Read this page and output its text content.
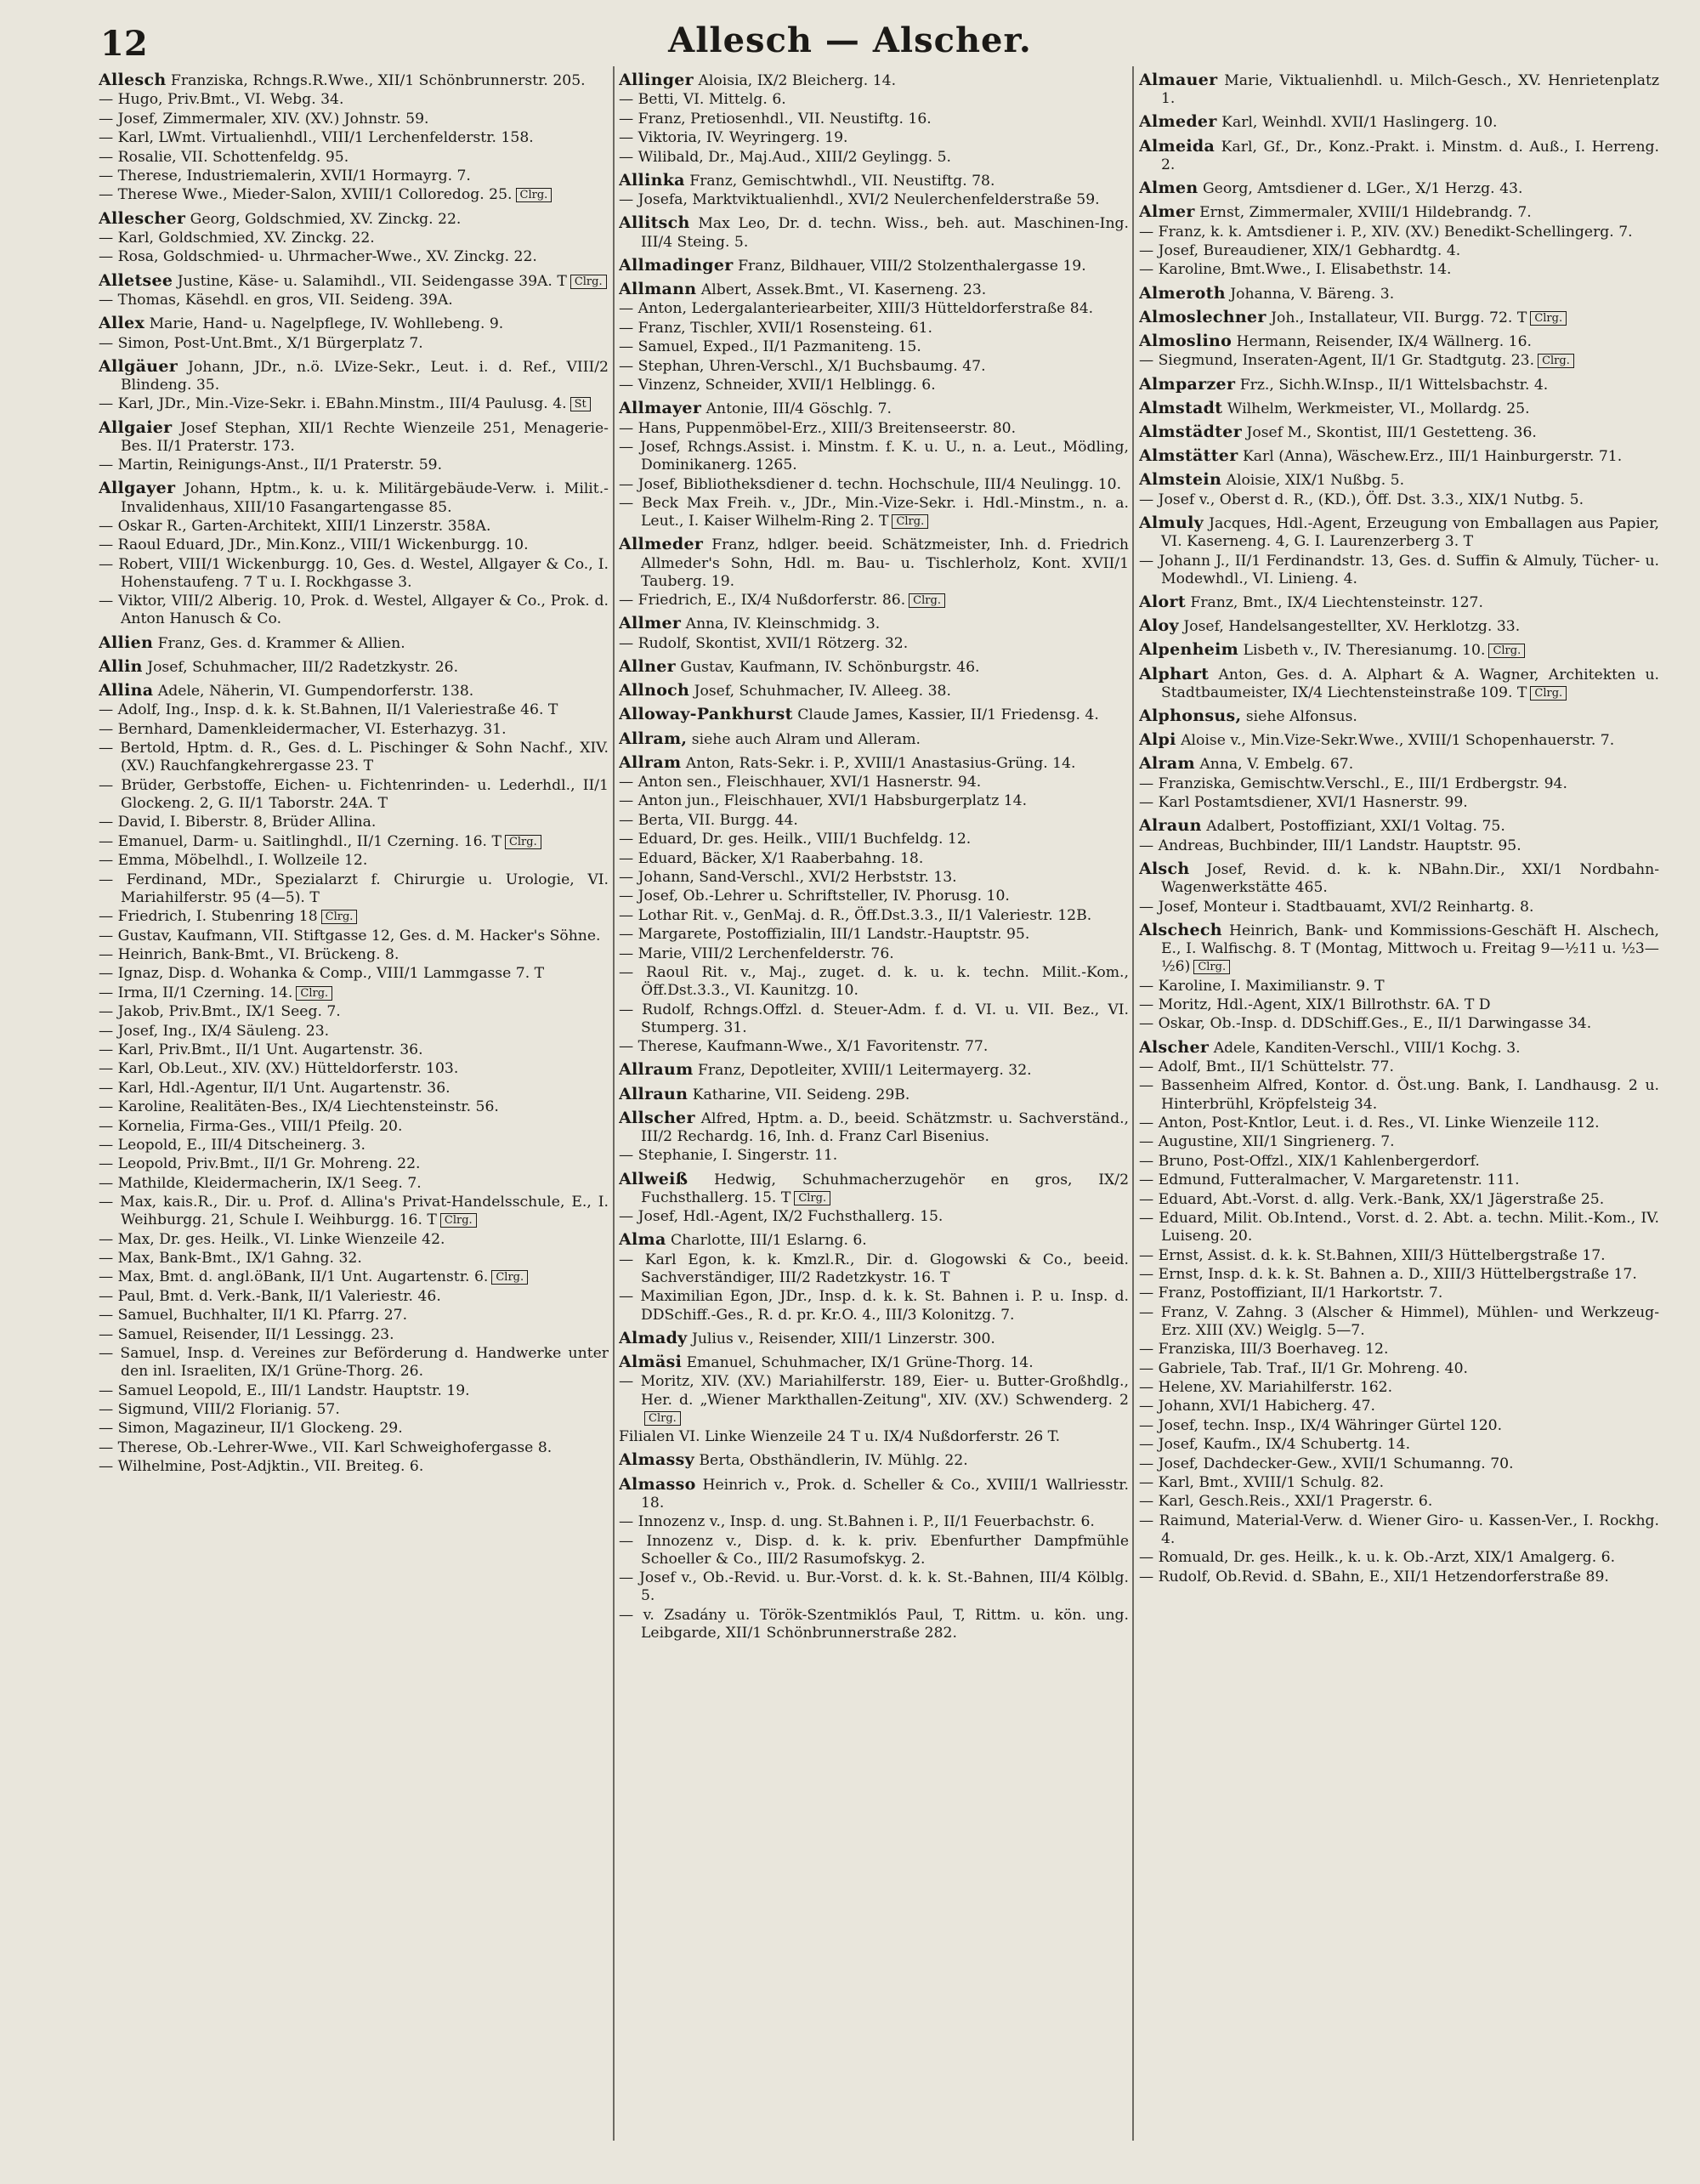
12	Allesch — Alscher.
Allesch Franziska, Rchngs.R.Wwe., XII/1 Schönbrunnerstr. 205.
— Hugo, Priv.Bmt., VI. Webg. 34.
— Josef, Zimmermaler, XIV. (XV.) Johnstr. 59.
— Karl, LWmt. Virtualienhdl., VIII/1 Lerchenfelderstr. 158.
— Rosalie, VII. Schottenfeldg. 95.
— Therese, Industriemalerin, XVII/1 Hormayrg. 7.
— Therese Wwe., Mieder-Salon, XVIII/1 Colloredog. 25. Clrg.
Allescher Georg, Goldschmied, XV. Zinckg. 22.
— Karl, Goldschmied, XV. Zinckg. 22.
— Rosa, Goldschmied- u. Uhrmacher-Wwe., XV. Zinckg. 22.
Alletsee Justine, Käse- u. Salamihdl., VII. Seidengasse 39A. T Clrg.
— Thomas, Käsehdl. en gros, VII. Seideng. 39A.
Allex Marie, Hand- u. Nagelpflege, IV. Wohllebeng. 9.
— Simon, Post-Unt.Bmt., X/1 Bürgerplatz 7.
Allgäuer Johann, JDr., n.ö. LVize-Sekr., Leut. i. d. Ref., VIII/2 Blindeng. 35.
— Karl, JDr., Min.-Vize-Sekr. i. EBahn.Minstm., III/4 Paulusg. 4. St
Allgaier Josef Stephan, XII/1 Rechte Wienzeile 251, Menagerie-Bes. II/1 Praterstr. 173.
— Martin, Reinigungs-Anst., II/1 Praterstr. 59.
Allgayer Johann, Hptm., k. u. k. Militärgebäude-Verw. i. Milit.-Invalidenhaus, XIII/10 Fasangartengasse 85.
— Oskar R., Garten-Architekt, XIII/1 Linzerstr. 358A.
— Raoul Eduard, JDr., Min.Konz., VIII/1 Wickenburgg. 10.
— Robert, VIII/1 Wickenburgg. 10, Ges. d. Westel, Allgayer & Co., I. Hohenstaufeng. 7 T u. I. Rockhgasse 3.
— Viktor, VIII/2 Alberig. 10, Prok. d. Westel, Allgayer & Co., Prok. d. Anton Hanusch & Co.
Allien Franz, Ges. d. Krammer & Allien.
Allin Josef, Schuhmacher, III/2 Radetzkystr. 26.
Allina Adele, Näherin, VI. Gumpendorferstr. 138.
— Adolf, Ing., Insp. d. k. k. St.Bahnen, II/1 Valeriestraße 46. T
— Bernhard, Damenkleidermacher, VI. Esterhazyg. 31.
— Bertold, Hptm. d. R., Ges. d. L. Pischinger & Sohn Nachf., XIV. (XV.) Rauchfangkehrergasse 23. T
— Brüder, Gerbstoffe, Eichen- u. Fichtenrinden- u. Lederhdl., II/1 Glockeng. 2, G. II/1 Taborstr. 24A. T
— David, I. Biberstr. 8, Brüder Allina.
— Emanuel, Darm- u. Saitlinghdl., II/1 Czerning. 16. T Clrg.
— Emma, Möbelhdl., I. Wollzeile 12.
— Ferdinand, MDr., Spezialarzt f. Chirurgie u. Urologie, VI. Mariahilferstr. 95 (4—5). T
— Friedrich, I. Stubenring 18 Clrg.
— Gustav, Kaufmann, VII. Stiftgasse 12, Ges. d. M. Hacker's Söhne.
— Heinrich, Bank-Bmt., VI. Brückeng. 8.
— Ignaz, Disp. d. Wohanka & Comp., VIII/1 Lammgasse 7. T
— Irma, II/1 Czerning. 14. Clrg.
— Jakob, Priv.Bmt., IX/1 Seeg. 7.
— Josef, Ing., IX/4 Säuleng. 23.
— Karl, Priv.Bmt., II/1 Unt. Augartenstr. 36.
— Karl, Ob.Leut., XIV. (XV.) Hütteldorferstr. 103.
— Karl, Hdl.-Agentur, II/1 Unt. Augartenstr. 36.
— Karoline, Realitäten-Bes., IX/4 Liechtensteinstr. 56.
— Kornelia, Firma-Ges., VIII/1 Pfeilg. 20.
— Leopold, E., III/4 Ditscheinerg. 3.
— Leopold, Priv.Bmt., II/1 Gr. Mohreng. 22.
— Mathilde, Kleidermacherin, IX/1 Seeg. 7.
— Max, kais.R., Dir. u. Prof. d. Allina's Privat-Handelsschule, E., I. Weihburgg. 21, Schule I. Weihburgg. 16. T Clrg.
— Max, Dr. ges. Heilk., VI. Linke Wienzeile 42.
— Max, Bank-Bmt., IX/1 Gahng. 32.
— Max, Bmt. d. angl.öBank, II/1 Unt. Augartenstr. 6. Clrg.
— Paul, Bmt. d. Verk.-Bank, II/1 Valeriestr. 46.
— Samuel, Buchhalter, II/1 Kl. Pfarrg. 27.
— Samuel, Reisender, II/1 Lessingg. 23.
— Samuel, Insp. d. Vereines zur Beförderung d. Handwerke unter den inl. Israeliten, IX/1 Grüne-Thorg. 26.
— Samuel Leopold, E., III/1 Landstr. Hauptstr. 19.
— Sigmund, VIII/2 Florianig. 57.
— Simon, Magazineur, II/1 Glockeng. 29.
— Therese, Ob.-Lehrer-Wwe., VII. Karl Schweighofergasse 8.
— Wilhelmine, Post-Adjktin., VII. Breiteg. 6.
Allinger Aloisia, IX/2 Bleicherg. 14.
— Betti, VI. Mittelg. 6.
— Franz, Pretiosenhdl., VII. Neustiftg. 16.
— Viktoria, IV. Weyringerg. 19.
— Wilibald, Dr., Maj.Aud., XIII/2 Geylingg. 5.
Allinka Franz, Gemischtwhdl., VII. Neustiftg. 78.
— Josefa, Marktviktualienhdl., XVI/2 Neulerchenfelderstraße 59.
Allitsch Max Leo, Dr. d. techn. Wiss., beh. aut. Maschinen-Ing. III/4 Steing. 5.
Allmadinger Franz, Bildhauer, VIII/2 Stolzenthalergasse 19.
Allmann Albert, Assek.Bmt., VI. Kaserneng. 23.
— Anton, Ledergalanteriearbeiter, XIII/3 Hütteldorferstraße 84.
— Franz, Tischler, XVII/1 Rosensteing. 61.
— Samuel, Exped., II/1 Pazmaniteng. 15.
— Stephan, Uhren-Verschl., X/1 Buchsbaumg. 47.
— Vinzenz, Schneider, XVII/1 Helblingg. 6.
Allmayer Antonie, III/4 Göschlg. 7.
— Hans, Puppenmöbel-Erz., XIII/3 Breitenseerstr. 80.
— Josef, Rchngs.Assist. i. Minstm. f. K. u. U., n. a. Leut., Mödling, Dominikanerg. 1265.
— Josef, Bibliotheksdiener d. techn. Hochschule, III/4 Neulingg. 10.
— Beck Max Freih. v., JDr., Min.-Vize-Sekr. i. Hdl.-Minstm., n. a. Leut., I. Kaiser Wilhelm-Ring 2. T Clrg.
Allmeder Franz, hdlger. beeid. Schätzmeister, Inh. d. Friedrich Allmeder's Sohn, Hdl. m. Bau- u. Tischlerholz, Kont. XVII/1 Tauberg. 19.
— Friedrich, E., IX/4 Nußdorferstr. 86. Clrg.
Allmer Anna, IV. Kleinschmidg. 3.
— Rudolf, Skontist, XVII/1 Rötzerg. 32.
Allner Gustav, Kaufmann, IV. Schönburgstr. 46.
Allnoch Josef, Schuhmacher, IV. Alleeg. 38.
Alloway-Pankhurst Claude James, Kassier, II/1 Friedensg. 4.
Allram, siehe auch Alram und Alleram.
Allram Anton, Rats-Sekr. i. P., XVIII/1 Anastasius-Grüng. 14.
— Anton sen., Fleischhauer, XVI/1 Hasnerstr. 94.
— Anton jun., Fleischhauer, XVI/1 Habsburgerplatz 14.
— Berta, VII. Burgg. 44.
— Eduard, Dr. ges. Heilk., VIII/1 Buchfeldg. 12.
— Eduard, Bäcker, X/1 Raaberbahng. 18.
— Johann, Sand-Verschl., XVI/2 Herbststr. 13.
— Josef, Ob.-Lehrer u. Schriftsteller, IV. Phorusg. 10.
— Lothar Rit. v., GenMaj. d. R., Öff.Dst.3.3., II/1 Valeriestr. 12B.
— Margarete, Postoffizialin, III/1 Landstr.-Hauptstr. 95.
— Marie, VIII/2 Lerchenfelderstr. 76.
— Raoul Rit. v., Maj., zuget. d. k. u. k. techn. Milit.-Kom., Öff.Dst.3.3., VI. Kaunitzg. 10.
— Rudolf, Rchngs.Offzl. d. Steuer-Adm. f. d. VI. u. VII. Bez., VI. Stumperg. 31.
— Therese, Kaufmann-Wwe., X/1 Favoritenstr. 77.
Allraum Franz, Depotleiter, XVIII/1 Leitermayerg. 32.
Allraun Katharine, VII. Seideng. 29B.
Allscher Alfred, Hptm. a. D., beeid. Schätzmstr. u. Sachverständ., III/2 Rechardg. 16, Inh. d. Franz Carl Bisenius.
— Stephanie, I. Singerstr. 11.
Allweiß Hedwig, Schuhmacherzugehör en gros, IX/2 Fuchsthallerg. 15. T Clrg.
— Josef, Hdl.-Agent, IX/2 Fuchsthallerg. 15.
Alma Charlotte, III/1 Eslarng. 6.
— Karl Egon, k. k. Kmzl.R., Dir. d. Glogowski & Co., beeid. Sachverständiger, III/2 Radetzkystr. 16. T
— Maximilian Egon, JDr., Insp. d. k. k. St. Bahnen i. P. u. Insp. d. DDSchiff.-Ges., R. d. pr. Kr.O. 4., III/3 Kolonitzg. 7.
Almady Julius v., Reisender, XIII/1 Linzerstr. 300.
Almäsi Emanuel, Schuhmacher, IX/1 Grüne-Thorg. 14.
— Moritz, XIV. (XV.) Mariahilferstr. 189, Eier- u. Butter-Großhdlg., Her. d. „Wiener Markthallen-Zeitung", XIV. (XV.) Schwenderg. 2Clrg.
Filialen VI. Linke Wienzeile 24 T u. IX/4 Nußdorferstr. 26 T.
Almassy Berta, Obsthändlerin, IV. Mühlg. 22.
Almasso Heinrich v., Prok. d. Scheller & Co., XVIII/1 Wallriesstr. 18.
— Innozenz v., Insp. d. ung. St.Bahnen i. P., II/1 Feuerbachstr. 6.
— Innozenz v., Disp. d. k. k. priv. Ebenfurther Dampfmühle Schoeller & Co., III/2 Rasumofskyg. 2.
— Josef v., Ob.-Revid. u. Bur.-Vorst. d. k. k. St.-Bahnen, III/4 Kölblg. 5.
— v. Zsadány u. Török-Szentmiklós Paul, T, Rittm. u. kön. ung. Leibgarde, XII/1 Schönbrunnerstraße 282.
Almauer Marie, Viktualienhdl. u. Milch-Gesch., XV. Henrietenplatz 1.
Almeder Karl, Weinhdl. XVII/1 Haslingerg. 10.
Almeida Karl, Gf., Dr., Konz.-Prakt. i. Minstm. d. Auß., I. Herreng. 2.
Almen Georg, Amtsdiener d. LGer., X/1 Herzg. 43.
Almer Ernst, Zimmermaler, XVIII/1 Hildebrandg. 7.
— Franz, k. k. Amtsdiener i. P., XIV. (XV.) Benedikt-Schellingerg. 7.
— Josef, Bureaudiener, XIX/1 Gebhardtg. 4.
— Karoline, Bmt.Wwe., I. Elisabethstr. 14.
Almeroth Johanna, V. Bäreng. 3.
Almoslechner Joh., Installateur, VII. Burgg. 72. T Clrg.
Almoslino Hermann, Reisender, IX/4 Wällnerg. 16.
— Siegmund, Inseraten-Agent, II/1 Gr. Stadtgutg. 23. Clrg.
Almparzer Frz., Sichh.W.Insp., II/1 Wittelsbachstr. 4.
Almstadt Wilhelm, Werkmeister, VI., Mollardg. 25.
Almstädter Josef M., Skontist, III/1 Gestetteng. 36.
Almstätter Karl (Anna), Wäschew.Erz., III/1 Hainburgerstr. 71.
Almstein Aloisie, XIX/1 Nußbg. 5.
— Josef v., Oberst d. R., (KD.), Öff. Dst. 3.3., XIX/1 Nutbg. 5.
Almuly Jacques, Hdl.-Agent, Erzeugung von Emballagen aus Papier, VI. Kaserneng. 4, G. I. Laurenzerberg 3. T
— Johann J., II/1 Ferdinandstr. 13, Ges. d. Suffin & Almuly, Tücher- u. Modewhdl., VI. Linieng. 4.
Alort Franz, Bmt., IX/4 Liechtensteinstr. 127.
Aloy Josef, Handelsangestellter, XV. Herklotzg. 33.
Alpenheim Lisbeth v., IV. Theresianumg. 10. Clrg.
Alphart Anton, Ges. d. A. Alphart & A. Wagner, Architekten u. Stadtbaumeister, IX/4 Liechtensteinstraße 109. T Clrg.
Alphonsus, siehe Alfonsus.
Alpi Aloise v., Min.Vize-Sekr.Wwe., XVIII/1 Schopenhauerstr. 7.
Alram Anna, V. Embelg. 67.
— Franziska, Gemischtw.Verschl., E., III/1 Erdbergstr. 94.
— Karl Postamtsdiener, XVI/1 Hasnerstr. 99.
Alraun Adalbert, Postoffiziant, XXI/1 Voltag. 75.
— Andreas, Buchbinder, III/1 Landstr. Hauptstr. 95.
Alsch Josef, Revid. d. k. k. NBahn.Dir., XXI/1 Nordbahn-Wagenwerkstätte 465.
— Josef, Monteur i. Stadtbauamt, XVI/2 Reinhartg. 8.
Alschech Heinrich, Bank- und Kommissions-Geschäft H. Alschech, E., I. Walfischg. 8. T (Montag, Mittwoch u. Freitag 9—½11 u. ½3—½6) Clrg.
— Karoline, I. Maximilianstr. 9. T
— Moritz, Hdl.-Agent, XIX/1 Billrothstr. 6A. T D
— Oskar, Ob.-Insp. d. DDSchiff.Ges., E., II/1 Darwingasse 34.
Alscher Adele, Kanditen-Verschl., VIII/1 Kochg. 3.
— Adolf, Bmt., II/1 Schüttelstr. 77.
— Bassenheim Alfred, Kontor. d. Öst.ung. Bank, I. Landhausg. 2 u. Hinterbrühl, Kröpfelsteig 34.
— Anton, Post-Kntlor, Leut. i. d. Res., VI. Linke Wienzeile 112.
— Augustine, XII/1 Singrienerg. 7.
— Bruno, Post-Offzl., XIX/1 Kahlenbergerdorf.
— Edmund, Futteralmacher, V. Margaretenstr. 111.
— Eduard, Abt.-Vorst. d. allg. Verk.-Bank, XX/1 Jägerstraße 25.
— Eduard, Milit. Ob.Intend., Vorst. d. 2. Abt. a. techn. Milit.-Kom., IV. Luiseng. 20.
— Ernst, Assist. d. k. k. St.Bahnen, XIII/3 Hüttelbergstraße 17.
— Ernst, Insp. d. k. k. St. Bahnen a. D., XIII/3 Hüttelbergstraße 17.
— Franz, Postoffiziant, II/1 Harkortstr. 7.
— Franz, V. Zahng. 3 (Alscher & Himmel), Mühlen- und Werkzeug-Erz. XIII (XV.) Weiglg. 5—7.
— Franziska, III/3 Boerhaveg. 12.
— Gabriele, Tab. Traf., II/1 Gr. Mohreng. 40.
— Helene, XV. Mariahilferstr. 162.
— Johann, XVI/1 Habicherg. 47.
— Josef, techn. Insp., IX/4 Währinger Gürtel 120.
— Josef, Kaufm., IX/4 Schubertg. 14.
— Josef, Dachdecker-Gew., XVII/1 Schumanng. 70.
— Karl, Bmt., XVIII/1 Schulg. 82.
— Karl, Gesch.Reis., XXI/1 Pragerstr. 6.
— Raimund, Material-Verw. d. Wiener Giro- u. Kassen-Ver., I. Rockhg. 4.
— Romuald, Dr. ges. Heilk., k. u. k. Ob.-Arzt, XIX/1 Amalgerg. 6.
— Rudolf, Ob.Revid. d. SBahn, E., XII/1 Hetzendorferstraße 89.
